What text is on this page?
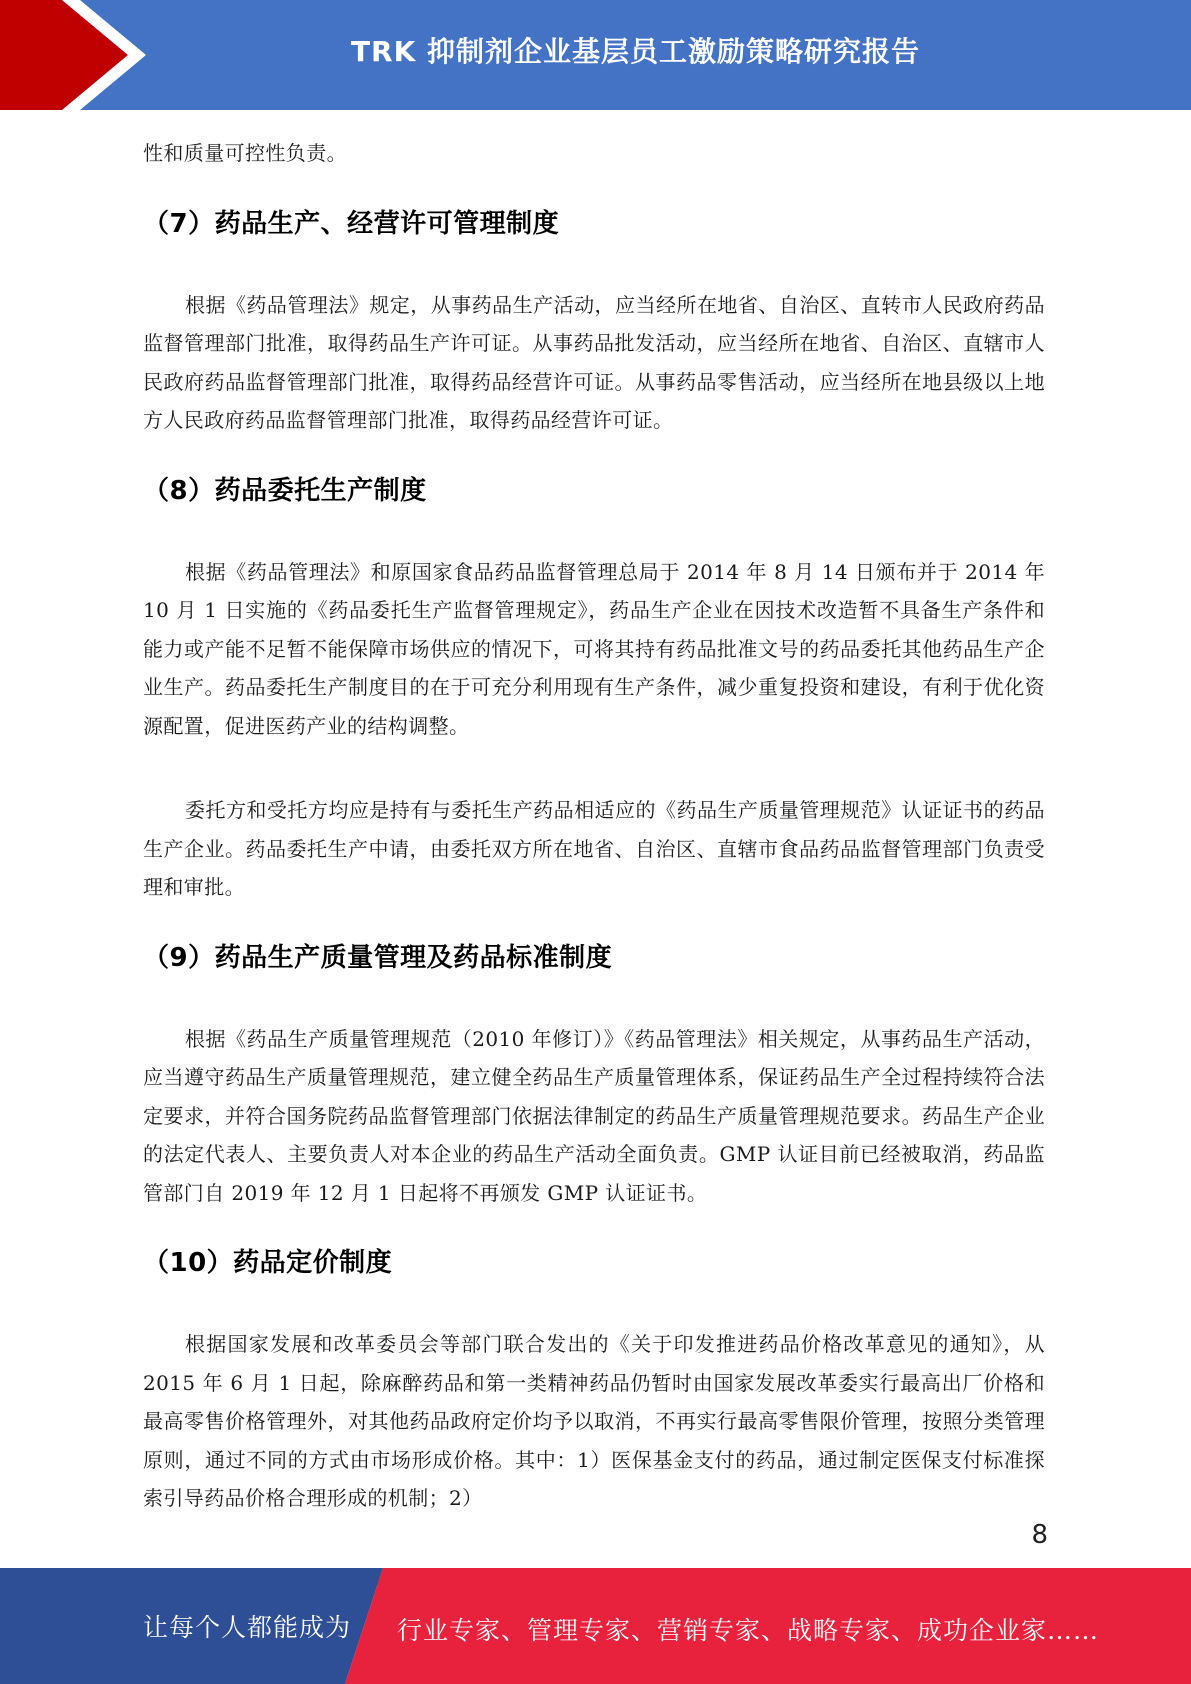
TRK 抑制剂企业基层员工激励策略研究报告

性和质量可控性负责。

（7）药品生产、经营许可管理制度

根据《药品管理法》规定，从事药品生产活动，应当经所在地省、自治区、直转市人民政府药品监督管理部门批准，取得药品生产许可证。从事药品批发活动，应当经所在地省、自治区、直辖市人民政府药品监督管理部门批准，取得药品经营许可证。从事药品零售活动，应当经所在地县级以上地方人民政府药品监督管理部门批准，取得药品经营许可证。

（8）药品委托生产制度

根据《药品管理法》和原国家食品药品监督管理总局于 2014 年 8 月 14 日颁布并于 2014 年 10 月 1 日实施的《药品委托生产监督管理规定》，药品生产企业在因技术改造暂不具备生产条件和能力或产能不足暂不能保障市场供应的情况下，可将其持有药品批准文号的药品委托其他药品生产企业生产。药品委托生产制度目的在于可充分利用现有生产条件，减少重复投资和建设，有利于优化资源配置，促进医药产业的结构调整。

委托方和受托方均应是持有与委托生产药品相适应的《药品生产质量管理规范》认证证书的药品生产企业。药品委托生产中请，由委托双方所在地省、自治区、直辖市食品药品监督管理部门负责受理和审批。

（9）药品生产质量管理及药品标准制度

根据《药品生产质量管理规范（2010 年修订）》《药品管理法》相关规定，从事药品生产活动，应当遵守药品生产质量管理规范，建立健全药品生产质量管理体系，保证药品生产全过程持续符合法定要求，并符合国务院药品监督管理部门依据法律制定的药品生产质量管理规范要求。药品生产企业的法定代表人、主要负责人对本企业的药品生产活动全面负责。GMP 认证目前已经被取消，药品监管部门自 2019 年 12 月 1 日起将不再颁发 GMP 认证证书。

（10）药品定价制度

根据国家发展和改革委员会等部门联合发出的《关于印发推进药品价格改革意见的通知》，从 2015 年 6 月 1 日起，除麻醉药品和第一类精神药品仍暂时由国家发展改革委实行最高出厂价格和最高零售价格管理外，对其他药品政府定价均予以取消，不再实行最高零售限价管理，按照分类管理原则，通过不同的方式由市场形成价格。其中：1）医保基金支付的药品，通过制定医保支付标准探索引导药品价格合理形成的机制；2）

8
让每个人都能成为 行业专家、管理专家、营销专家、战略专家、成功企业家……
